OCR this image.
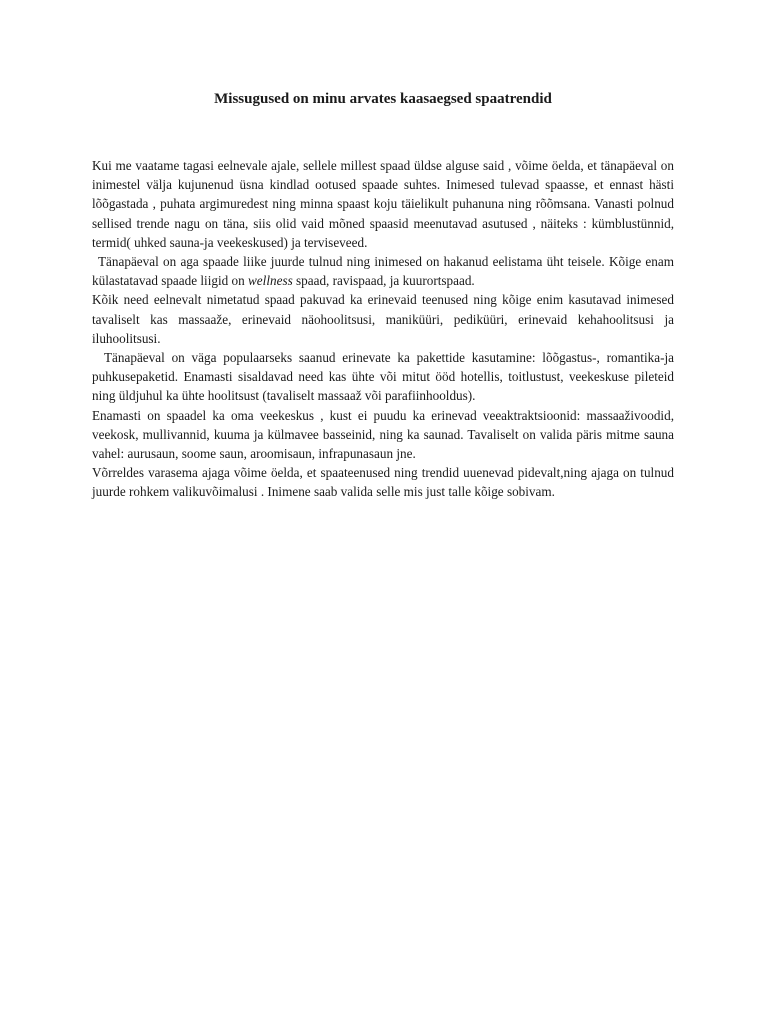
Missugused on minu arvates kaasaegsed spaatrendid

Kui me vaatame tagasi eelnevale ajale, sellele millest spaad üldse alguse said , võime öelda, et tänapäeval on inimestel välja kujunenud üsna kindlad ootused spaade suhtes. Inimesed tulevad spaasse, et ennast hästi lõõgastada , puhata argimuredest ning minna spaast koju täielikult puhanuna ning rõõmsana. Vanasti polnud sellised trende nagu on täna, siis olid vaid mõned spaasid meenutavad asutused , näiteks : kümblustünnid, termid( uhked sauna-ja veekeskused) ja terviseveed.

Tänapäeval on aga spaade liike juurde tulnud ning inimesed on hakanud eelistama üht teisele. Kõige enam külastatavad spaade liigid on wellness spaad, ravispaad, ja kuurortspaad.

Kõik need eelnevalt nimetatud spaad pakuvad ka erinevaid teenused ning kõige enim kasutavad inimesed tavaliselt kas massaaže, erinevaid näohoolitsusi, maniküüri, pediküüri, erinevaid kehahoolitsusi ja iluhoolitsusi.

Tänapäeval on väga populaarseks saanud erinevate ka pakettide kasutamine: lõõgastus-, romantika-ja puhkusepaketid. Enamasti sisaldavad need kas ühte või mitut ööd hotellis, toitlustust, veekeskuse pileteid ning üldjuhul ka ühte hoolitsust (tavaliselt massaaž või parafiinhooldus).

Enamasti on spaadel ka oma veekeskus , kust ei puudu ka erinevad veeaktraktsioonid: massaaživoodid, veekosk, mullivannid, kuuma ja külmavee basseinid, ning ka saunad. Tavaliselt on valida päris mitme sauna vahel: aurusaun, soome saun, aroomisaun, infrapunasaun jne.

Võrreldes varasema ajaga võime öelda, et spaateenused ning trendid uuenevad pidevalt,ning ajaga on tulnud juurde rohkem valikuvõimalusi . Inimene saab valida selle mis just talle kõige sobivam.
